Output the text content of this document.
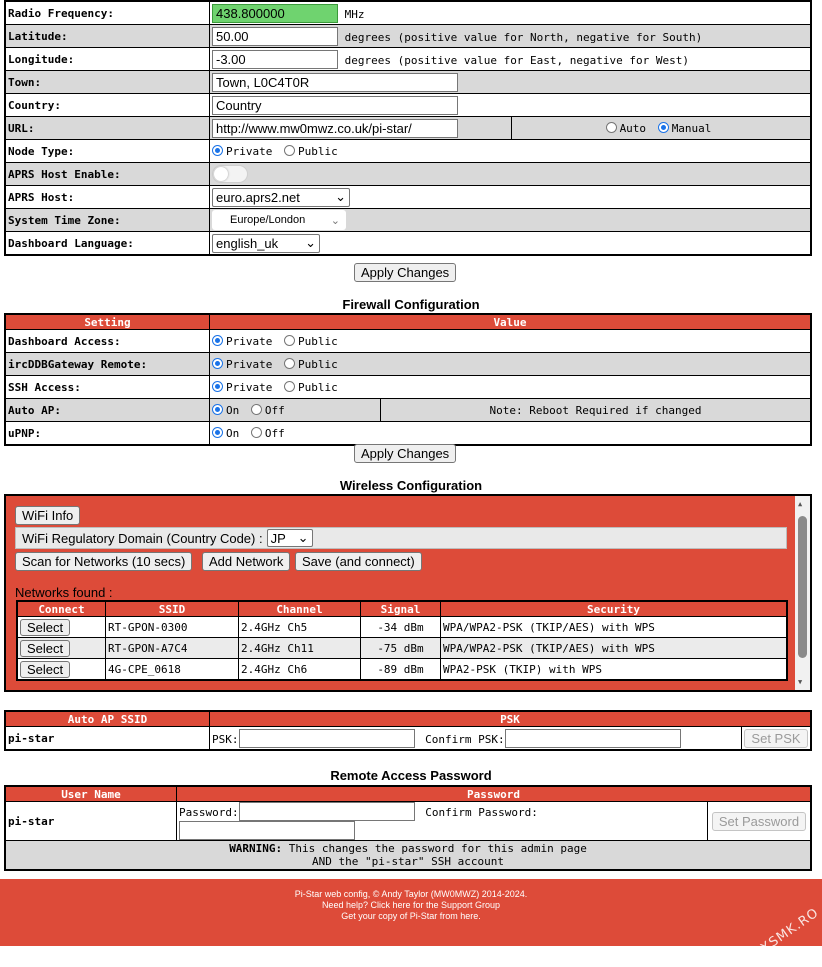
Radio Frequency:	438.800000MHz
Latitude:	50.00degrees (positive value for North, negative for South)
Longitude:	-3.00degrees (positive value for East, negative for West)
Town:	Town, L0C4T0R
Country:	Country
URL:	http://www.mw0mwz.co.uk/pi-star/	Auto Manual
Node Type:	Private Public	
APRS Host Enable:		

APRS Host:	euro.aprs2.net ⌄	

System Time Zone:	Europe/London ⌄	

Dashboard Language:	english_uk ⌄	
Apply Changes
Firewall Configuration
Setting	Value	
Dashboard Access:	Private Public	
ircDDBGateway Remote:	Private Public	
SSH Access:	Private Public	
Auto AP:	On Off	Note: Reboot Required if changed
uPNP:	On Off	
Apply Changes
Wireless Configuration
WiFi Info
WiFi Regulatory Domain (Country Code) : JP ⌄
Scan for Networks (10 secs)	Add Network	Save (and connect)
Networks found :
Connect	SSID	Channel	Signal	Security
Select	RT-GPON-0300	2.4GHz Ch5	-34 dBm	WPA/WPA2-PSK (TKIP/AES) with WPS
Select	RT-GPON-A7C4	2.4GHz Ch11	-75 dBm	WPA/WPA2-PSK (TKIP/AES) with WPS
Select	4G-CPE_0618	2.4GHz Ch6	-89 dBm	WPA2-PSK (TKIP) with WPS
▲
▼
Auto AP SSID	PSK	
pi-star	PSK: Confirm PSK:	Set PSK
Remote Access Password
User Name	Password	
pi-star	Password: Confirm Password:	Set Password
WARNING: This changes the password for this admin page
AND the "pi-star" SSH account		
Pi-Star web config, © Andy Taylor (MW0MWZ) 2014-2024.
Need help? Click here for the Support Group
Get your copy of Pi-Star from here.	XLXSMK.RO
